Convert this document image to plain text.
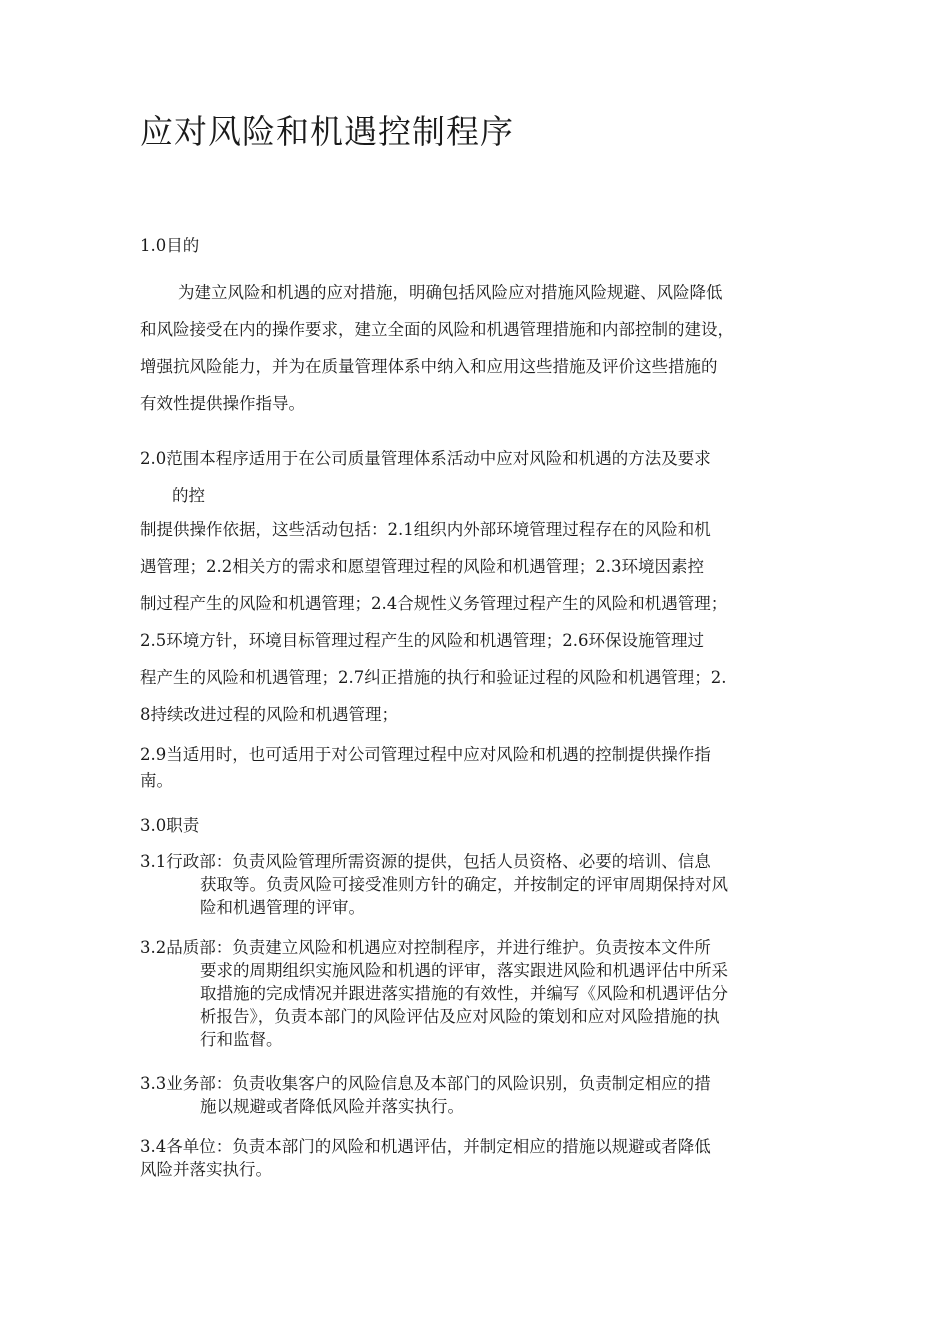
应对风险和机遇控制程序

1.0目的

为建立风险和机遇的应对措施，明确包括风险应对措施风险规避、风险降低

和风险接受在内的操作要求，建立全面的风险和机遇管理措施和内部控制的建设，

增强抗风险能力，并为在质量管理体系中纳入和应用这些措施及评价这些措施的

有效性提供操作指导。

2.0范围本程序适用于在公司质量管理体系活动中应对风险和机遇的方法及要求

的控

制提供操作依据，这些活动包括：2.1组织内外部环境管理过程存在的风险和机

遇管理；2.2相关方的需求和愿望管理过程的风险和机遇管理；2.3环境因素控

制过程产生的风险和机遇管理；2.4合规性义务管理过程产生的风险和机遇管理；

2.5环境方针，环境目标管理过程产生的风险和机遇管理；2.6环保设施管理过

程产生的风险和机遇管理；2.7纠正措施的执行和验证过程的风险和机遇管理；2.

8持续改进过程的风险和机遇管理；

2.9当适用时，也可适用于对公司管理过程中应对风险和机遇的控制提供操作指

南。

3.0职责

3.1行政部：负责风险管理所需资源的提供，包括人员资格、必要的培训、信息

获取等。负责风险可接受准则方针的确定，并按制定的评审周期保持对风

险和机遇管理的评审。

3.2品质部：负责建立风险和机遇应对控制程序，并进行维护。负责按本文件所

要求的周期组织实施风险和机遇的评审，落实跟进风险和机遇评估中所采

取措施的完成情况并跟进落实措施的有效性，并编写《风险和机遇评估分

析报告》，负责本部门的风险评估及应对风险的策划和应对风险措施的执

行和监督。

3.3业务部：负责收集客户的风险信息及本部门的风险识别，负责制定相应的措

施以规避或者降低风险并落实执行。

3.4各单位：负责本部门的风险和机遇评估，并制定相应的措施以规避或者降低

风险并落实执行。
